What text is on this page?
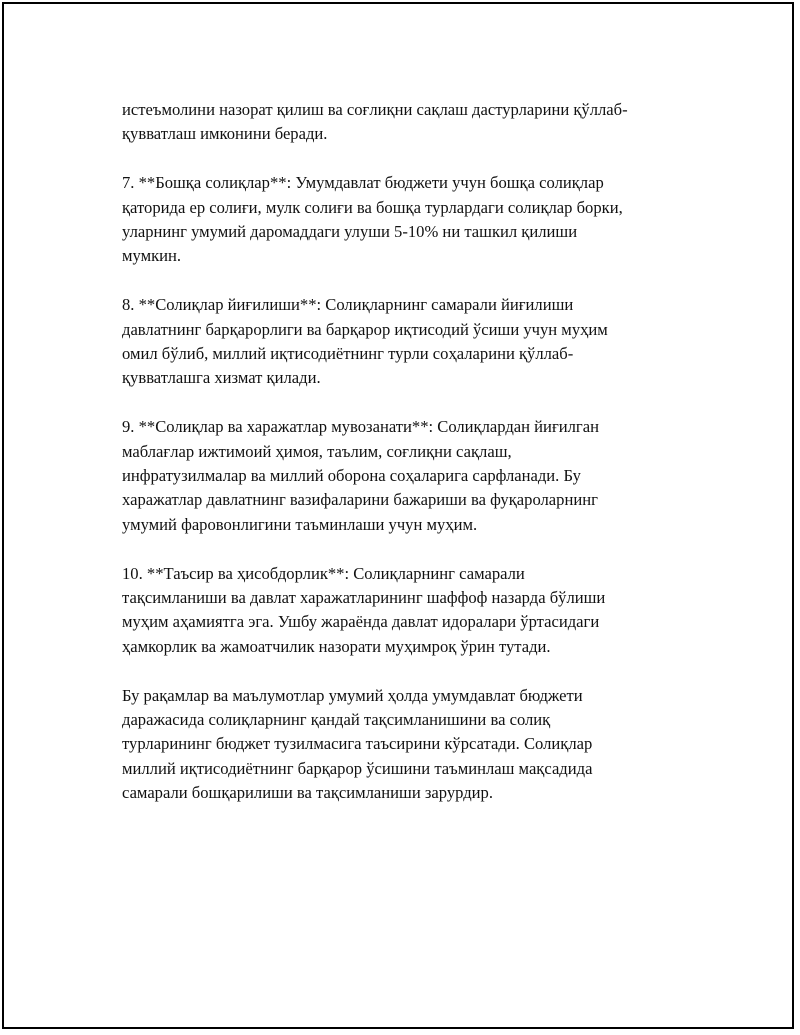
истеъмолини назорат қилиш ва соғлиқни сақлаш дастурларини қўллаб-
қувватлаш имконини беради.

7. **Бошқа солиқлар**: Умумдавлат бюджети учун бошқа солиқлар
қаторида ер солиғи, мулк солиғи ва бошқа турлардаги солиқлар борки,
уларнинг умумий даромаддаги улуши 5-10% ни ташкил қилиши
мумкин.

8. **Солиқлар йиғилиши**: Солиқларнинг самарали йиғилиши
давлатнинг барқарорлиги ва барқарор иқтисодий ўсиши учун муҳим
омил бўлиб, миллий иқтисодиётнинг турли соҳаларини қўллаб-
қувватлашга хизмат қилади.

9. **Солиқлар ва харажатлар мувозанати**: Солиқлардан йиғилган
маблағлар ижтимоий ҳимоя, таълим, соғлиқни сақлаш,
инфратузилмалар ва миллий оборона соҳаларига сарфланади. Бу
харажатлар давлатнинг вазифаларини бажариши ва фуқароларнинг
умумий фаровонлигини таъминлаши учун муҳим.

10. **Таъсир ва ҳисобдорлик**: Солиқларнинг самарали
тақсимланиши ва давлат харажатларининг шаффоф назарда бўлиши
муҳим аҳамиятга эга. Ушбу жараёнда давлат идоралари ўртасидаги
ҳамкорлик ва жамоатчилик назорати муҳимроқ ўрин тутади.

Бу рақамлар ва маълумотлар умумий ҳолда умумдавлат бюджети
даражасида солиқларнинг қандай тақсимланишини ва солиқ
турларининг бюджет тузилмасига таъсирини кўрсатади. Солиқлар
миллий иқтисодиётнинг барқарор ўсишини таъминлаш мақсадида
самарали бошқарилиши ва тақсимланиши зарурдир.
